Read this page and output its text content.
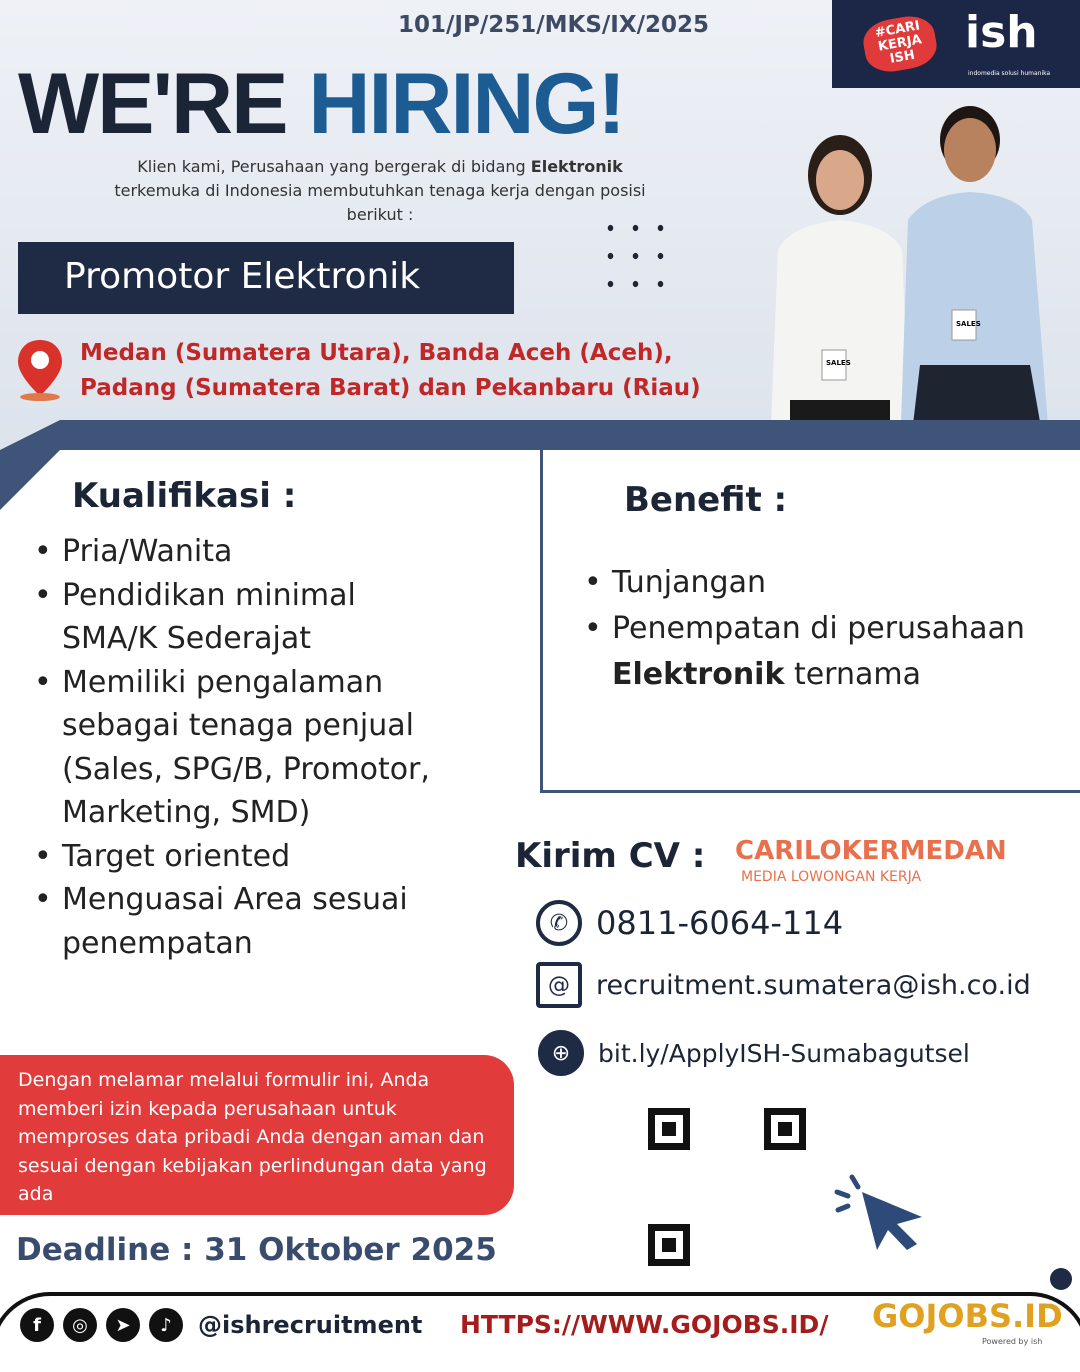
101/JP/251/MKS/IX/2025	#CARI KERJA ISH	ish
indomedia solusi humanika
WE'RE HIRING!
Klien kami, Perusahaan yang bergerak di bidang Elektronik terkemuka di Indonesia membutuhkan tenaga kerja dengan posisi berikut :
Promotor Elektronik
SALES
SALES
Medan (Sumatera Utara), Banda Aceh (Aceh),
Padang (Sumatera Barat) dan Pekanbaru (Riau)
Kualifikasi :
• Pria/Wanita
• Pendidikan minimal SMA/K Sederajat
• Memiliki pengalaman sebagai tenaga penjual (Sales, SPG/B, Promotor, Marketing, SMD)
• Target oriented
• Menguasai Area sesuai penempatan
Benefit :
• Tunjangan
• Penempatan di perusahaan Elektronik ternama
Kirim CV : CARILOKERMEDAN
MEDIA LOWONGAN KERJA
✆ 0811-6064-114
@ recruitment.sumatera@ish.co.id
⊕	bit.ly/ApplyISH-Sumabagutsel
Dengan melamar melalui formulir ini, Anda memberi izin kepada perusahaan untuk memproses data pribadi Anda dengan aman dan sesuai dengan kebijakan perlindungan data yang ada
Deadline : 31 Oktober 2025
f	◎	➤	♪	@ishrecruitment HTTPS://WWW.GOJOBS.ID/ GOJOBS.ID
Powered by ish
